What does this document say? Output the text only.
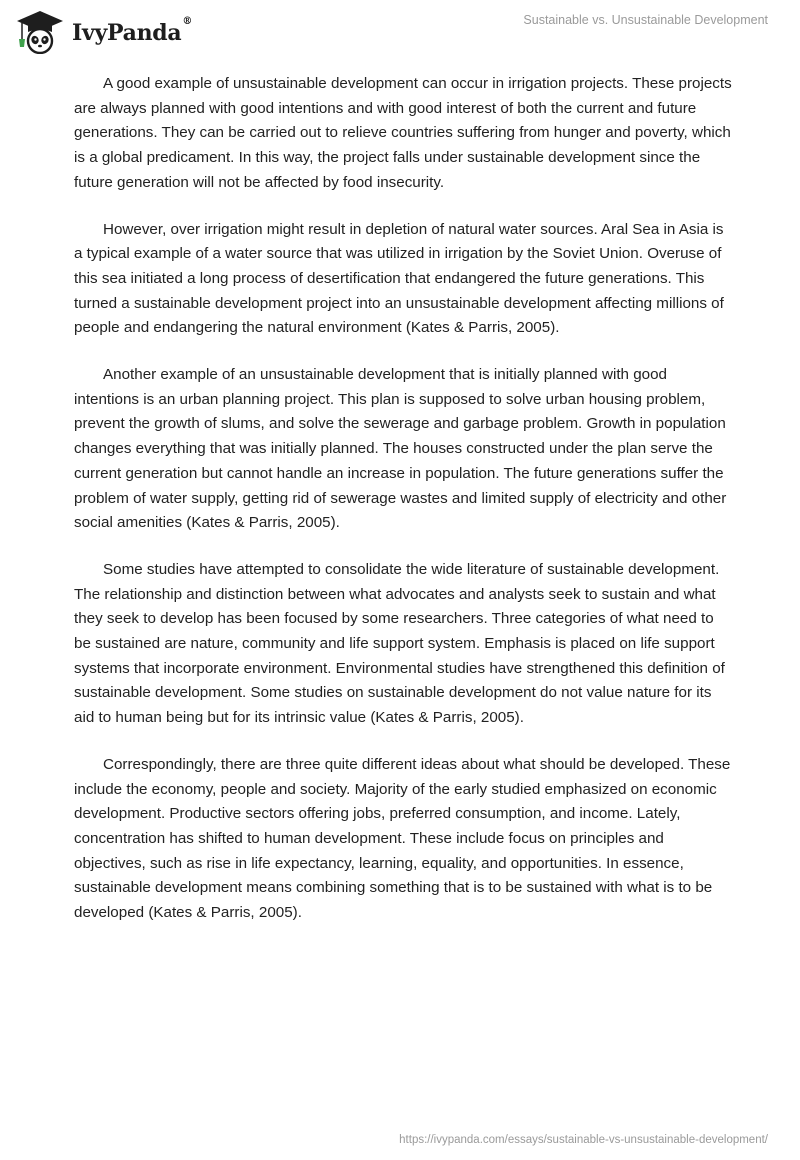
IvyPanda®	Sustainable vs. Unsustainable Development

A good example of unsustainable development can occur in irrigation projects. These projects are always planned with good intentions and with good interest of both the current and future generations. They can be carried out to relieve countries suffering from hunger and poverty, which is a global predicament. In this way, the project falls under sustainable development since the future generation will not be affected by food insecurity.

However, over irrigation might result in depletion of natural water sources. Aral Sea in Asia is a typical example of a water source that was utilized in irrigation by the Soviet Union. Overuse of this sea initiated a long process of desertification that endangered the future generations. This turned a sustainable development project into an unsustainable development affecting millions of people and endangering the natural environment (Kates & Parris, 2005).

Another example of an unsustainable development that is initially planned with good intentions is an urban planning project. This plan is supposed to solve urban housing problem, prevent the growth of slums, and solve the sewerage and garbage problem. Growth in population changes everything that was initially planned. The houses constructed under the plan serve the current generation but cannot handle an increase in population. The future generations suffer the problem of water supply, getting rid of sewerage wastes and limited supply of electricity and other social amenities (Kates & Parris, 2005).

Some studies have attempted to consolidate the wide literature of sustainable development. The relationship and distinction between what advocates and analysts seek to sustain and what they seek to develop has been focused by some researchers. Three categories of what need to be sustained are nature, community and life support system. Emphasis is placed on life support systems that incorporate environment. Environmental studies have strengthened this definition of sustainable development. Some studies on sustainable development do not value nature for its aid to human being but for its intrinsic value (Kates & Parris, 2005).

Correspondingly, there are three quite different ideas about what should be developed. These include the economy, people and society. Majority of the early studied emphasized on economic development. Productive sectors offering jobs, preferred consumption, and income. Lately, concentration has shifted to human development. These include focus on principles and objectives, such as rise in life expectancy, learning, equality, and opportunities. In essence, sustainable development means combining something that is to be sustained with what is to be developed (Kates & Parris, 2005).

https://ivypanda.com/essays/sustainable-vs-unsustainable-development/
